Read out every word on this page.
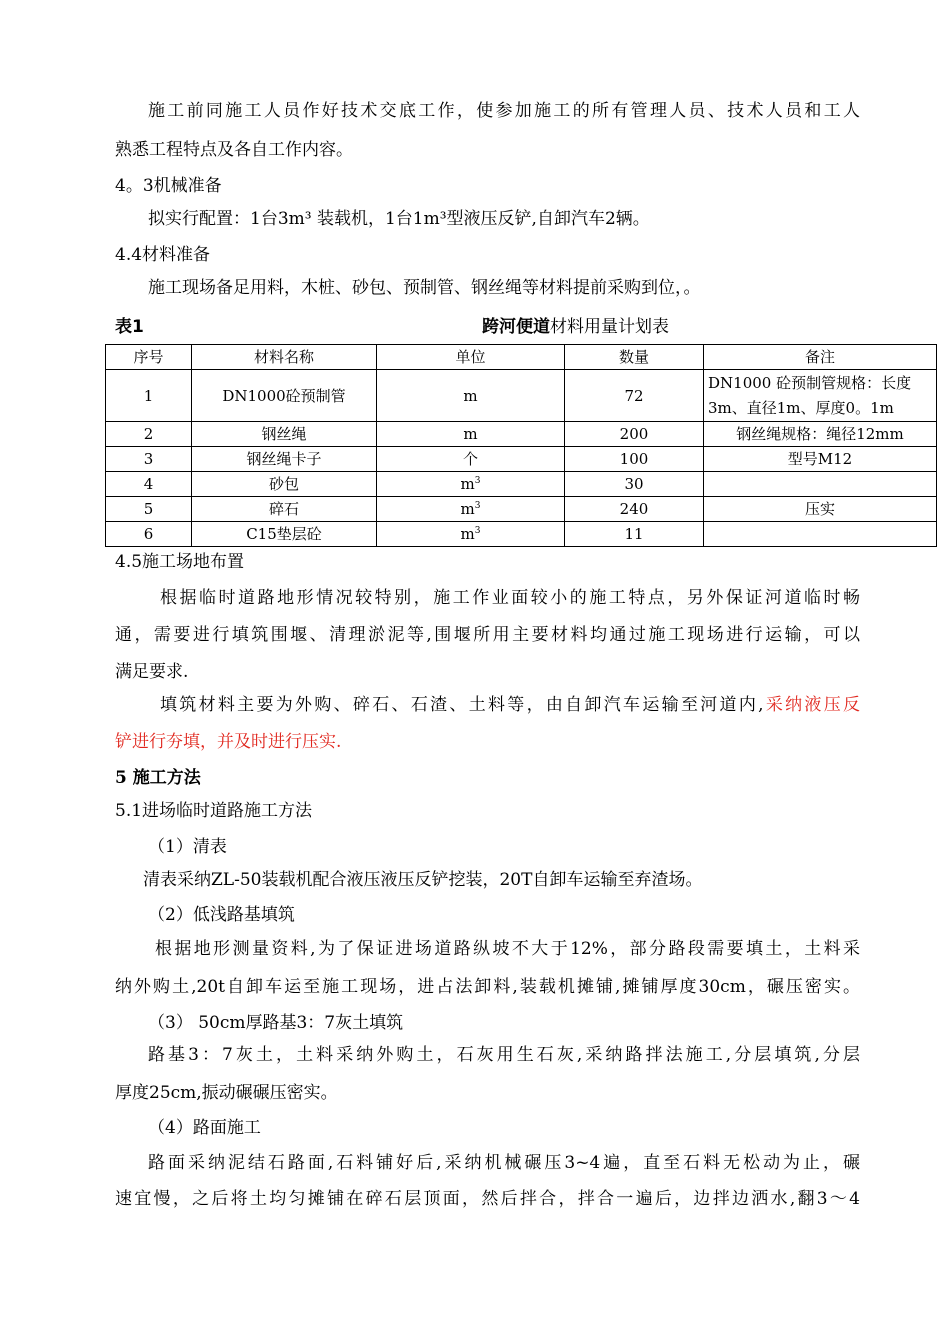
施工前同施工人员作好技术交底工作，使参加施工的所有管理人员、技术人员和工人
熟悉工程特点及各自工作内容。
4。3机械准备
拟实行配置：1台3m³ 装载机，1台1m³型液压反铲,自卸汽车2辆。
4.4材料准备
施工现场备足用料，木桩、砂包、预制管、钢丝绳等材料提前采购到位，。
表1	跨河便道材料用量计划表
序号	材料名称	单位	数量	备注
1	DN1000砼预制管	m	72	DN1000 砼预制管规格：长度
3m、直径1m、厚度0。1m

2	钢丝绳	m	200	钢丝绳规格：绳径12mm
3	钢丝绳卡子	个	100	型号M12
4	砂包	$m^3$	30	
5	碎石	$m^3$	240	压实
6	C15垫层砼	$m^3$	11	
4.5施工场地布置
根据临时道路地形情况较特别，施工作业面较小的施工特点，另外保证河道临时畅
通，需要进行填筑围堰、清理淤泥等,围堰所用主要材料均通过施工现场进行运输，可以
满足要求.
填筑材料主要为外购、碎石、石渣、土料等，由自卸汽车运输至河道内,采纳液压反
铲进行夯填，并及时进行压实.
5 施工方法
5.1进场临时道路施工方法
（1）清表
清表采纳ZL-50装载机配合液压液压反铲挖装，20T自卸车运输至弃渣场。
（2）低浅路基填筑
根据地形测量资料,为了保证进场道路纵坡不大于12%，部分路段需要填土，土料采
纳外购土,20t自卸车运至施工现场，进占法卸料,装载机摊铺,摊铺厚度30cm，碾压密实。
（3） 50cm厚路基3：7灰土填筑
路基3：7灰土，土料采纳外购土，石灰用生石灰,采纳路拌法施工,分层填筑,分层
厚度25cm,振动碾碾压密实。
（4）路面施工
路面采纳泥结石路面,石料铺好后,采纳机械碾压3~4遍，直至石料无松动为止，碾
速宜慢，之后将土均匀摊铺在碎石层顶面，然后拌合，拌合一遍后，边拌边洒水,翻3～4
